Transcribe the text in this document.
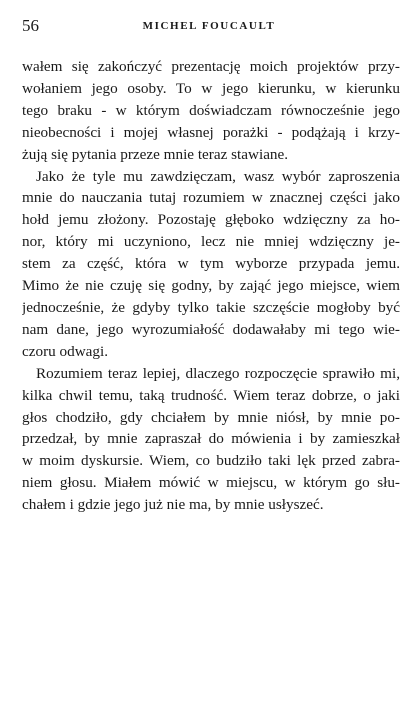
56	MICHEL FOUCAULT

wałem się zakończyć prezentację moich projektów przy-
wołaniem jego osoby. To w jego kierunku, w kierunku
tego braku - w którym doświadczam równocześnie jego
nieobecności i mojej własnej porażki - podążają i krzy-
żują się pytania przeze mnie teraz stawiane.

Jako że tyle mu zawdzięczam, wasz wybór zaproszenia
mnie do nauczania tutaj rozumiem w znacznej części jako
hołd jemu złożony. Pozostaję głęboko wdzięczny za ho-
nor, który mi uczyniono, lecz nie mniej wdzięczny je-
stem za część, która w tym wyborze przypada jemu.
Mimo że nie czuję się godny, by zająć jego miejsce, wiem
jednocześnie, że gdyby tylko takie szczęście mogłoby być
nam dane, jego wyrozumiałość dodawałaby mi tego wie-
czoru odwagi.

Rozumiem teraz lepiej, dlaczego rozpoczęcie sprawiło mi,
kilka chwil temu, taką trudność. Wiem teraz dobrze, o jaki
głos chodziło, gdy chciałem by mnie niósł, by mnie po-
przedzał, by mnie zapraszał do mówienia i by zamieszkał
w moim dyskursie. Wiem, co budziło taki lęk przed zabra-
niem głosu. Miałem mówić w miejscu, w którym go słu-
chałem i gdzie jego już nie ma, by mnie usłyszeć.
